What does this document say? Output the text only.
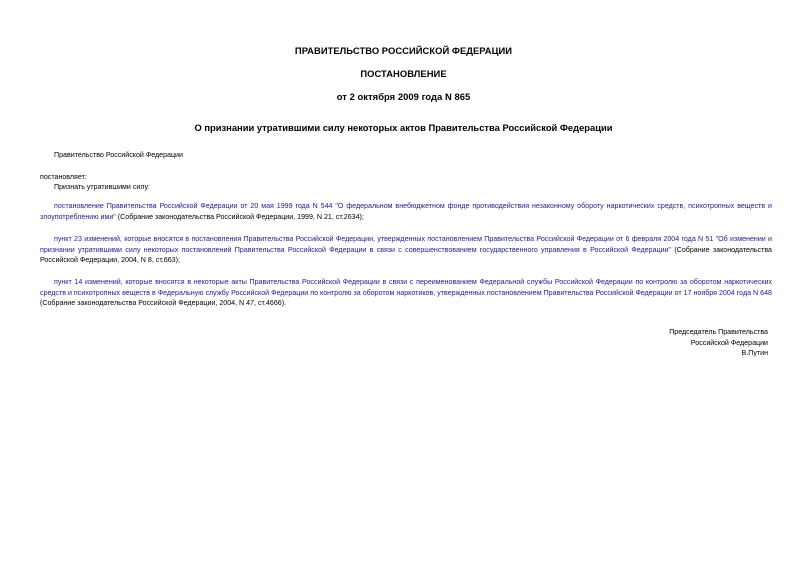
ПРАВИТЕЛЬСТВО РОССИЙСКОЙ ФЕДЕРАЦИИ
ПОСТАНОВЛЕНИЕ
от 2 октября 2009 года N 865
О признании утратившими силу некоторых актов Правительства Российской Федерации
Правительство Российской Федерации
постановляет:
Признать утратившими силу:
постановление Правительства Российской Федерации от 20 мая 1999 года N 544 "О федеральном внебюджетном фонде противодействия незаконному обороту наркотических средств, психотропных веществ и злоупотреблению ими" (Собрание законодательства Российской Федерации, 1999, N 21, ст.2634);
пункт 23 изменений, которые вносятся в постановления Правительства Российской Федерации, утвержденных постановлением Правительства Российской Федерации от 6 февраля 2004 года N 51 "Об изменении и признании утратившими силу некоторых постановлений Правительства Российской Федерации в связи с совершенствованием государственного управления в Российской Федерации" (Собрание законодательства Российской Федерации, 2004, N 8, ст.663);
пункт 14 изменений, которые вносятся в некоторые акты Правительства Российской Федерации в связи с переименованием Федеральной службы Российской Федерации по контролю за оборотом наркотических средств и психотропных веществ в Федеральную службу Российской Федерации по контролю за оборотом наркотиков, утвержденных постановлением Правительства Российской Федерации от 17 ноября 2004 года N 648 (Собрание законодательства Российской Федерации, 2004, N 47, ст.4666).
Председатель Правительства
Российской Федерации
В.Путин
